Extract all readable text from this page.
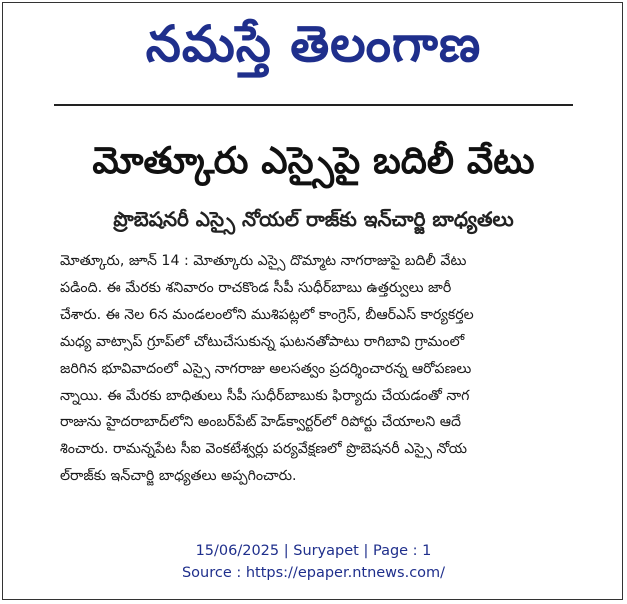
నమస్తే తెలంగాణ
మోత్కూరు ఎస్సైపై బదిలీ వేటు
ప్రొబెషనరీ ఎస్సై నోయల్ రాజ్‌కు ఇన్‌చార్జి బాధ్యతలు
మోత్కూరు, జూన్ 14 : మోత్కూరు ఎస్సై దొమ్మాట నాగరాజుపై బదిలీ వేటు
పడింది. ఈ మేరకు శనివారం రాచకొండ సీపీ సుధీర్‌బాబు ఉత్తర్వులు జారీ
చేశారు. ఈ నెల 6న మండలంలోని ముశిపట్లలో కాంగ్రెస్, బీఆర్ఎస్ కార్యకర్తల
మధ్య వాట్సాప్ గ్రూప్‌లో చోటుచేసుకున్న ఘటనతోపాటు రాగిబావి గ్రామంలో
జరిగిన భూవివాదంలో ఎస్సై నాగరాజు అలసత్వం ప్రదర్శించారన్న ఆరోపణలు
న్నాయి. ఈ మేరకు బాధితులు సీపీ సుధీర్‌బాబుకు ఫిర్యాదు చేయడంతో నాగ
రాజును హైదరాబాద్‌లోని అంబర్‌పేట్ హెడ్‌క్వార్టర్‌లో రిపోర్టు చేయాలని ఆదే
శించారు. రామన్నపేట సీఐ వెంకటేశ్వర్లు పర్యవేక్షణలో ప్రొబెషనరీ ఎస్సై నోయ
ల్‌రాజ్‌కు ఇన్‌చార్జి బాధ్యతలు అప్పగించారు.
15/06/2025 | Suryapet | Page : 1
Source : https://epaper.ntnews.com/
